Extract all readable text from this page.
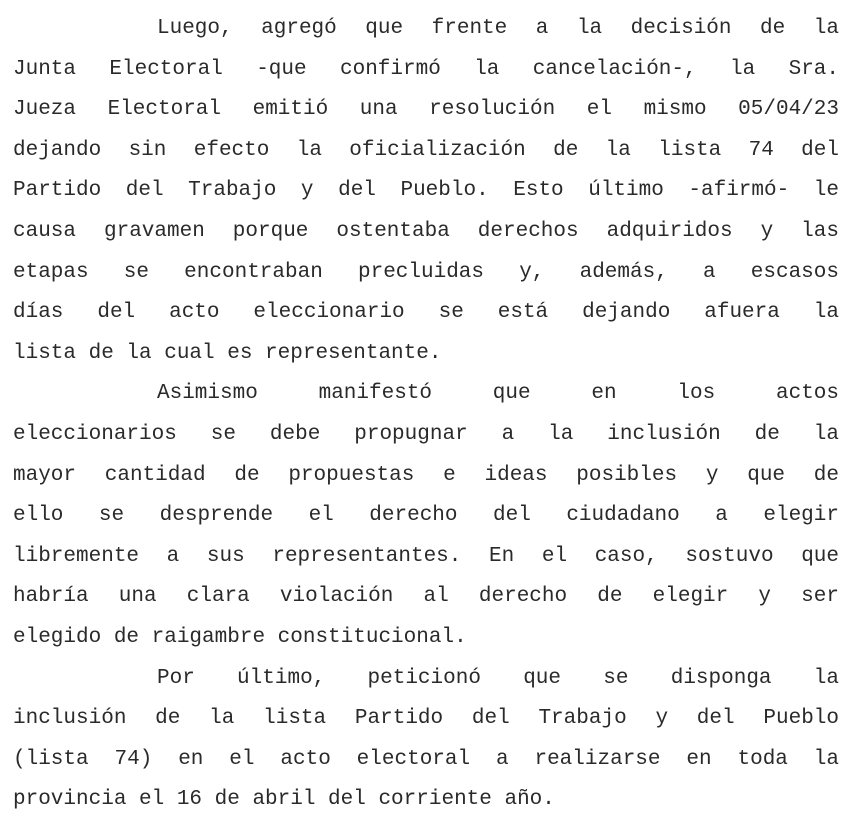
Luego, agregó que frente a la decisión de la
Junta Electoral -que confirmó la cancelación-, la Sra.
Jueza Electoral emitió una resolución el mismo 05/04/23
dejando sin efecto la oficialización de la lista 74 del
Partido del Trabajo y del Pueblo. Esto último -afirmó- le
causa gravamen porque ostentaba derechos adquiridos y las
etapas se encontraban precluidas y, además, a escasos
días del acto eleccionario se está dejando afuera la
lista de la cual es representante.
Asimismo manifestó que en los actos
eleccionarios se debe propugnar a la inclusión de la
mayor cantidad de propuestas e ideas posibles y que de
ello se desprende el derecho del ciudadano a elegir
libremente a sus representantes. En el caso, sostuvo que
habría una clara violación al derecho de elegir y ser
elegido de raigambre constitucional.
Por último, peticionó que se disponga la
inclusión de la lista Partido del Trabajo y del Pueblo
(lista 74) en el acto electoral a realizarse en toda la
provincia el 16 de abril del corriente año.
